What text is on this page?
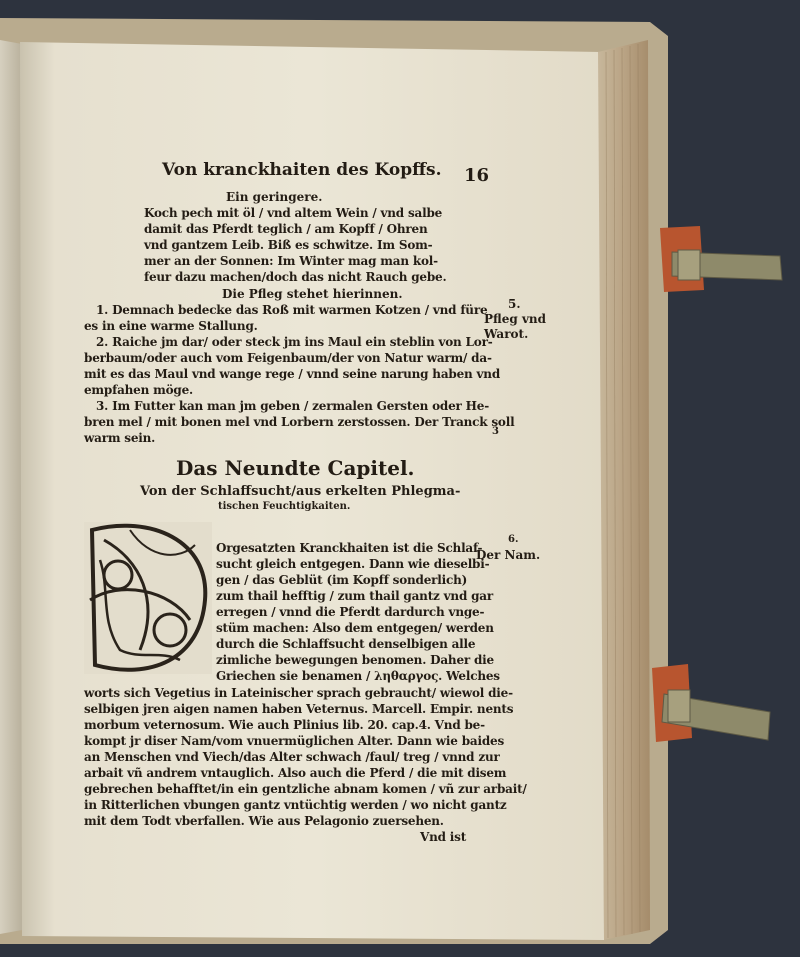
Von kranckhaiten des Kopffs. 16
Ein geringere.
Koch pech mit öl / vnd altem Wein / vnd salbe
damit das Pferdt teglich / am Kopff / Ohren
vnd gantzem Leib. Biß es schwitze. Im Som-
mer an der Sonnen: Im Winter mag man kol-
feur dazu machen/doch das nicht Rauch gebe.
Die Pfleg stehet hierinnen.
1. Demnach bedecke das Roß mit warmen Kotzen / vnd füre
es in eine warme Stallung.
2. Raiche jm dar/ oder steck jm ins Maul ein steblin von Lor-
berbaum/oder auch vom Feigenbaum/der von Natur warm/ da-
mit es das Maul vnd wange rege / vnnd seine narung haben vnd
empfahen möge.
3. Im Futter kan man jm geben / zermalen Gersten oder He-
bren mel / mit bonen mel vnd Lorbern zerstossen. Der Tranck soll
warm sein.	3
Das Neundte Capitel.
Von der Schlaffsucht/aus erkelten Phlegma-
tischen Feuchtigkaiten.
Orgesatzten Kranckhaiten ist die Schlaf-
sucht gleich entgegen. Dann wie dieselbi-
gen / das Geblüt (im Kopff sonderlich)
zum thail hefftig / zum thail gantz vnd gar
erregen / vnnd die Pferdt dardurch vnge-
stüm machen: Also dem entgegen/ werden
durch die Schlaffsucht denselbigen alle
zimliche bewegungen benomen. Daher die
Griechen sie benamen / ληθαργος. Welches
worts sich Vegetius in Lateinischer sprach gebraucht/ wiewol die-
selbigen jren aigen namen haben Veternus. Marcell. Empir. nents
morbum veternosum. Wie auch Plinius lib. 20. cap.4. Vnd be-
kompt jr diser Nam/vom vnuermüglichen Alter. Dann wie baides
an Menschen vnd Viech/das Alter schwach /faul/ treg / vnnd zur
arbait vñ andrem vntauglich. Also auch die Pferd / die mit disem
gebrechen behafftet/in ein gentzliche abnam komen / vñ zur arbait/
in Ritterlichen vbungen gantz vntüchtig werden / wo nicht gantz
mit dem Todt vberfallen. Wie aus Pelagonio zuersehen.
Vnd ist
5.
Pfleg vnd
Warot.
6.
Der Nam.
